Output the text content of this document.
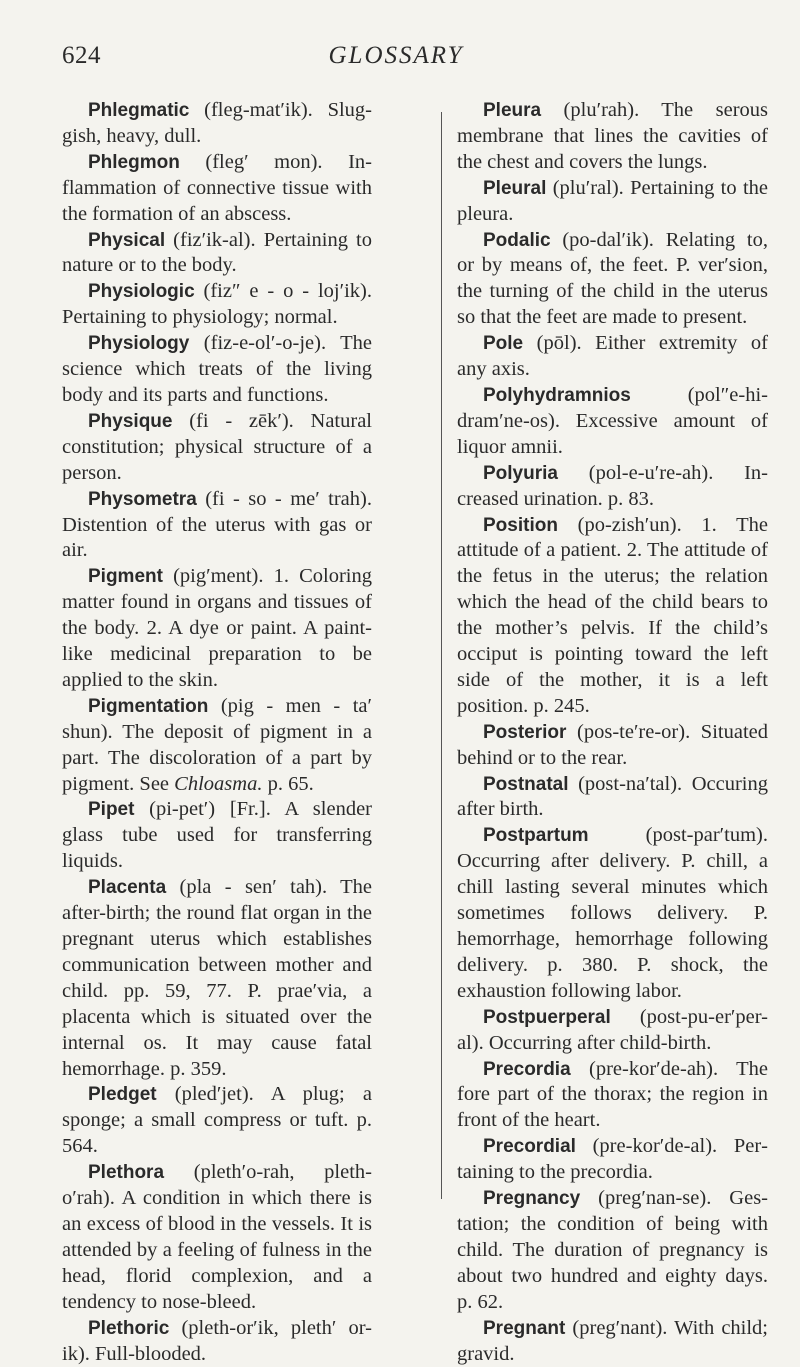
624	GLOSSARY

Phlegmatic (fleg-mat′ik). Sluggish, heavy, dull.

Phlegmon (fleg′ mon). Inflammation of connective tissue with the formation of an abscess.

Physical (fiz′ik-al). Pertaining to nature or to the body.

Physiologic (fiz″ e - o - loj′ik). Pertaining to physiology; normal.

Physiology (fiz-e-ol′-o-je). The science which treats of the living body and its parts and functions.

Physique (fi - zēk′). Natural constitution; physical structure of a person.

Physometra (fi - so - me′ trah). Distention of the uterus with gas or air.

Pigment (pig′ment). 1. Coloring matter found in organs and tissues of the body. 2. A dye or paint. A paint-like medicinal preparation to be applied to the skin.

Pigmentation (pig - men - ta′ shun). The deposit of pigment in a part. The discoloration of a part by pigment. See Chloasma. p. 65.

Pipet (pi-pet′) [Fr.]. A slender glass tube used for transferring liquids.

Placenta (pla - sen′ tah). The after-birth; the round flat organ in the pregnant uterus which establishes communication between mother and child. pp. 59, 77. P. prae′via, a placenta which is situated over the internal os. It may cause fatal hemorrhage. p. 359.

Pledget (pled′jet). A plug; a sponge; a small compress or tuft. p. 564.

Plethora (pleth′o-rah, pleth-o′rah). A condition in which there is an excess of blood in the vessels. It is attended by a feeling of fulness in the head, florid complexion, and a tendency to nose-bleed.

Plethoric (pleth-or′ik, pleth′ or-ik). Full-blooded.

Pleura (plu′rah). The serous membrane that lines the cavities of the chest and covers the lungs.

Pleural (plu′ral). Pertaining to the pleura.

Podalic (po-dal′ik). Relating to, or by means of, the feet. P. ver′sion, the turning of the child in the uterus so that the feet are made to present.

Pole (pōl). Either extremity of any axis.

Polyhydramnios (pol″e-hi-dram′ne-os). Excessive amount of liquor amnii.

Polyuria (pol-e-u′re-ah). Increased urination. p. 83.

Position (po-zish′un). 1. The attitude of a patient. 2. The attitude of the fetus in the uterus; the relation which the head of the child bears to the mother’s pelvis. If the child’s occiput is pointing toward the left side of the mother, it is a left position. p. 245.

Posterior (pos-te′re-or). Situated behind or to the rear.

Postnatal (post-na′tal). Occuring after birth.

Postpartum (post-par′tum). Occurring after delivery. P. chill, a chill lasting several minutes which sometimes follows delivery. P. hemorrhage, hemorrhage following delivery. p. 380. P. shock, the exhaustion following labor.

Postpuerperal (post-pu-er′per-al). Occurring after child-birth.

Precordia (pre-kor′de-ah). The fore part of the thorax; the region in front of the heart.

Precordial (pre-kor′de-al). Pertaining to the precordia.

Pregnancy (preg′nan-se). Gestation; the condition of being with child. The duration of pregnancy is about two hundred and eighty days. p. 62.

Pregnant (preg′nant). With child; gravid.
